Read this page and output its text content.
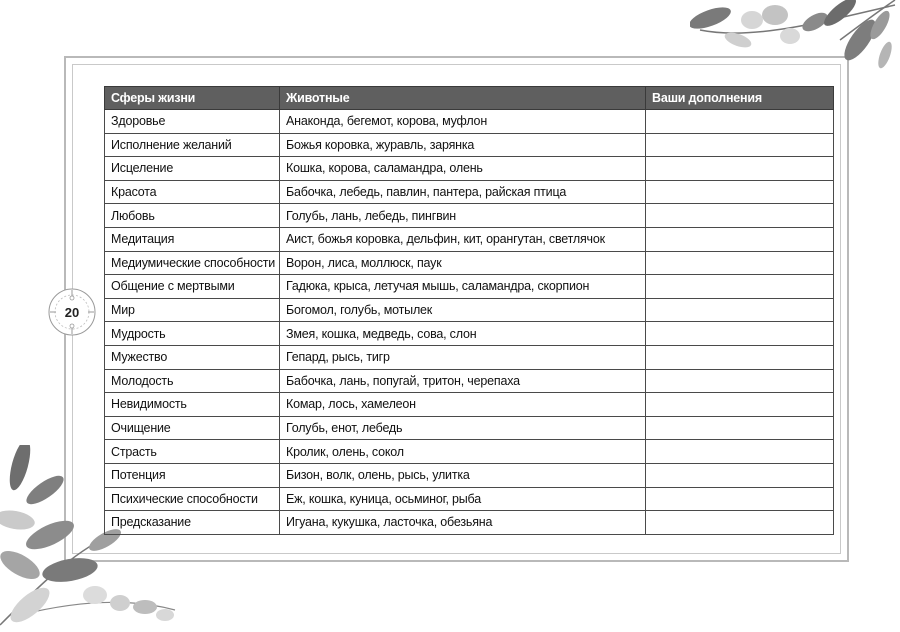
20
Сферы жизни	Животные	Ваши дополнения
Здоровье	Анаконда, бегемот, корова, муфлон	
Исполнение желаний	Божья коровка, журавль, зарянка	
Исцеление	Кошка, корова, саламандра, олень	
Красота	Бабочка, лебедь, павлин, пантера, райская птица	
Любовь	Голубь, лань, лебедь, пингвин	
Медитация	Аист, божья коровка, дельфин, кит, орангутан, светлячок	
Медиумические способности	Ворон, лиса, моллюск, паук	
Общение с мертвыми	Гадюка, крыса, летучая мышь, саламандра, скорпион	
Мир	Богомол, голубь, мотылек	
Мудрость	Змея, кошка, медведь, сова, слон	
Мужество	Гепард, рысь, тигр	
Молодость	Бабочка, лань, попугай, тритон, черепаха	
Невидимость	Комар, лось, хамелеон	
Очищение	Голубь, енот, лебедь	
Страсть	Кролик, олень, сокол	
Потенция	Бизон, волк, олень, рысь, улитка	
Психические способности	Еж, кошка, куница, осьминог, рыба	
Предсказание	Игуана, кукушка, ласточка, обезьяна	
